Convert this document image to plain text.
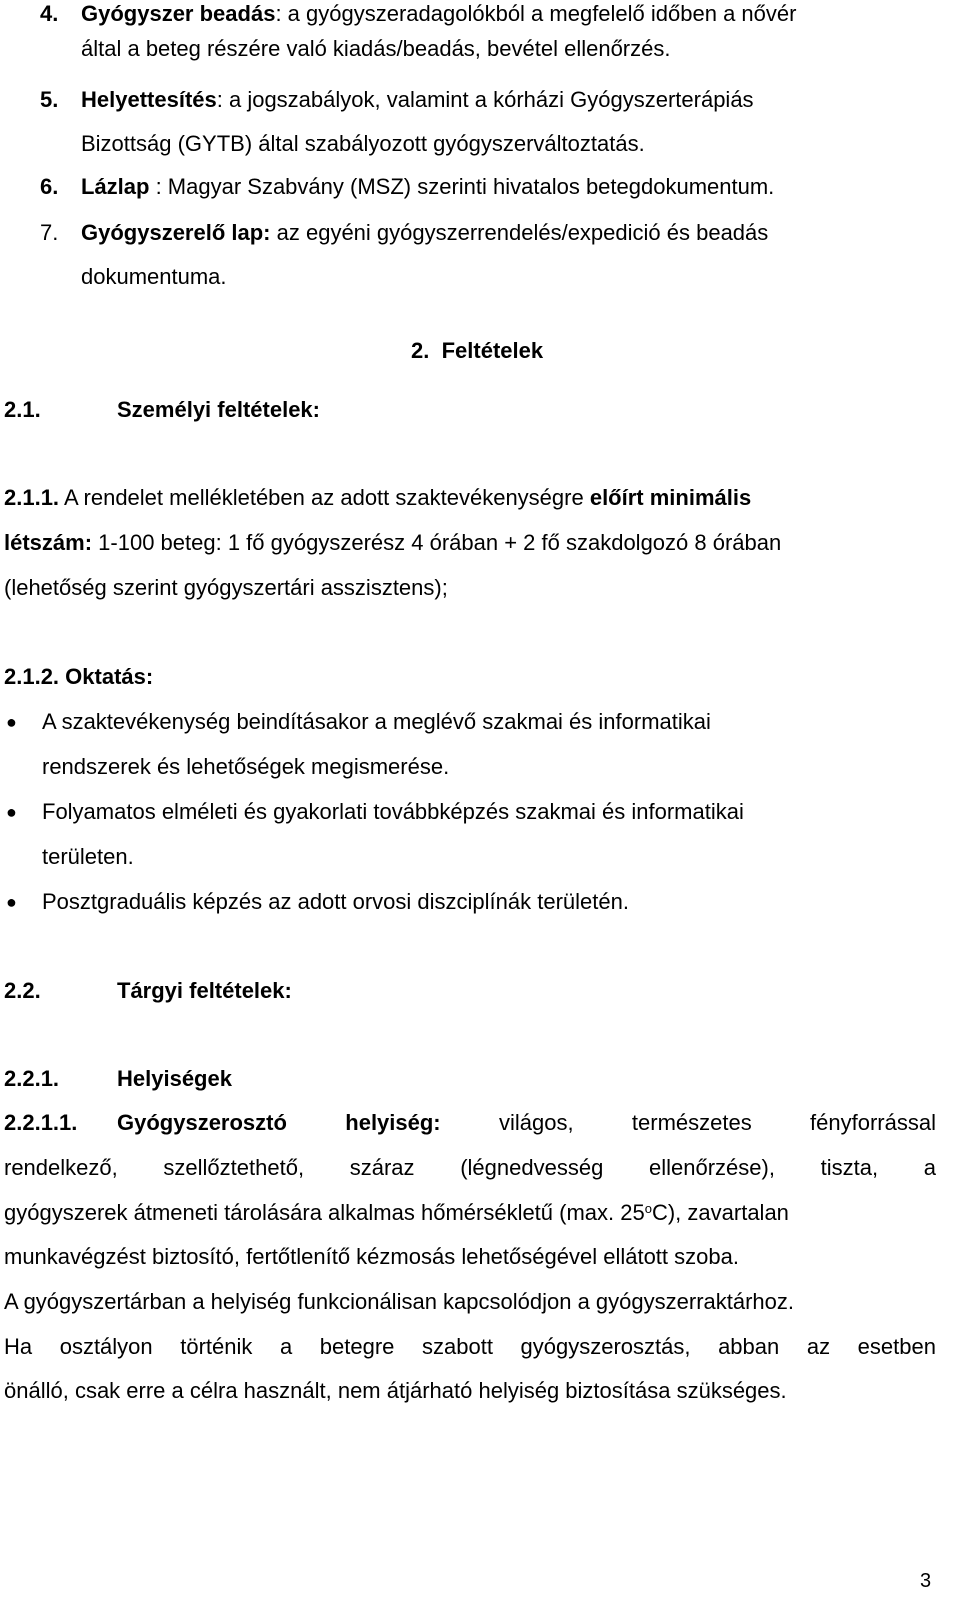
4. Gyógyszer beadás: a gyógyszeradagolókból a megfelelő időben a nővér
által a beteg részére való kiadás/beadás, bevétel ellenőrzés.
5. Helyettesítés: a jogszabályok, valamint a kórházi Gyógyszerterápiás
Bizottság (GYTB) által szabályozott gyógyszerváltoztatás.
6. Lázlap : Magyar Szabvány (MSZ) szerinti hivatalos betegdokumentum.
7. Gyógyszerelő lap: az egyéni gyógyszerrendelés/expedició és beadás
dokumentuma.
2. Feltételek
2.1.	Személyi feltételek:
2.1.1. A rendelet mellékletében az adott szaktevékenységre előírt minimális
létszám: 1-100 beteg: 1 fő gyógyszerész 4 órában + 2 fő szakdolgozó 8 órában
(lehetőség szerint gyógyszertári asszisztens);
2.1.2. Oktatás:
● A szaktevékenység beindításakor a meglévő szakmai és informatikai
rendszerek és lehetőségek megismerése.
● Folyamatos elméleti és gyakorlati továbbképzés szakmai és informatikai
területen.
● Posztgraduális képzés az adott orvosi diszciplínák területén.
2.2.	Tárgyi feltételek:
2.2.1.	Helyiségek
2.2.1.1. Gyógyszerosztó	helyiség:	világos,	természetes	fényforrással
rendelkező, szellőztethető, száraz (légnedvesség ellenőrzése), tiszta, a
gyógyszerek átmeneti tárolására alkalmas hőmérsékletű (max. 25$^o$C), zavartalan
munkavégzést biztosító, fertőtlenítő kézmosás lehetőségével ellátott szoba.
A gyógyszertárban a helyiség funkcionálisan kapcsolódjon a gyógyszerraktárhoz.
Ha osztályon történik a betegre szabott gyógyszerosztás, abban az esetben
önálló, csak erre a célra használt, nem átjárható helyiség biztosítása szükséges.
3
